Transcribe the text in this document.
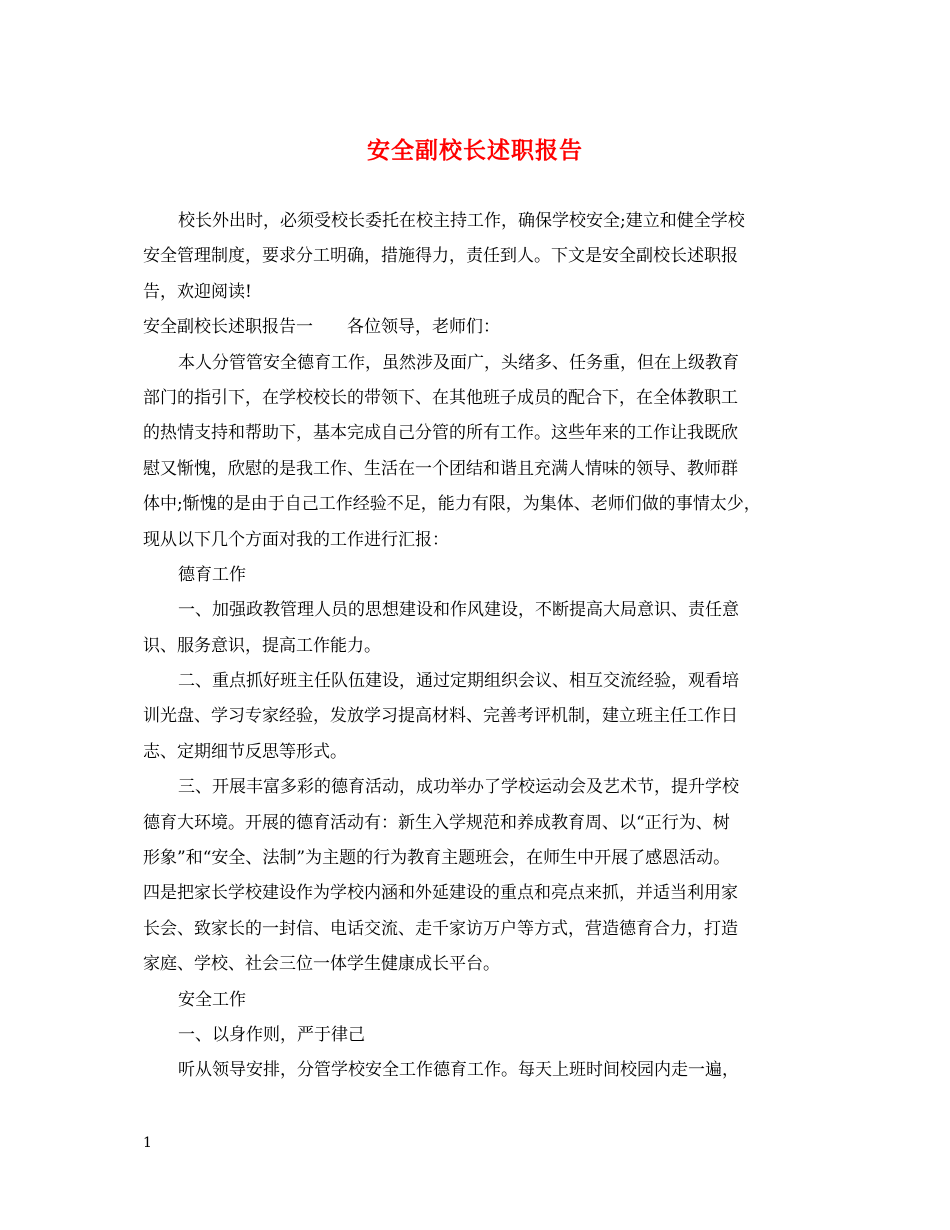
安全副校长述职报告
校长外出时，必须受校长委托在校主持工作，确保学校安全;建立和健全学校
安全管理制度，要求分工明确，措施得力，责任到人。下文是安全副校长述职报
告，欢迎阅读!
安全副校长述职报告一　　各位领导，老师们：
本人分管管安全德育工作，虽然涉及面广，头绪多、任务重，但在上级教育
部门的指引下，在学校校长的带领下、在其他班子成员的配合下，在全体教职工
的热情支持和帮助下，基本完成自己分管的所有工作。这些年来的工作让我既欣
慰又惭愧，欣慰的是我工作、生活在一个团结和谐且充满人情味的领导、教师群
体中;惭愧的是由于自己工作经验不足，能力有限，为集体、老师们做的事情太少，
现从以下几个方面对我的工作进行汇报：
德育工作
一、加强政教管理人员的思想建设和作风建设，不断提高大局意识、责任意
识、服务意识，提高工作能力。
二、重点抓好班主任队伍建设，通过定期组织会议、相互交流经验，观看培
训光盘、学习专家经验，发放学习提高材料、完善考评机制，建立班主任工作日
志、定期细节反思等形式。
三、开展丰富多彩的德育活动，成功举办了学校运动会及艺术节，提升学校
德育大环境。开展的德育活动有：新生入学规范和养成教育周、以“正行为、树
形象”和“安全、法制”为主题的行为教育主题班会，在师生中开展了感恩活动。
四是把家长学校建设作为学校内涵和外延建设的重点和亮点来抓，并适当利用家
长会、致家长的一封信、电话交流、走千家访万户等方式，营造德育合力，打造
家庭、学校、社会三位一体学生健康成长平台。
安全工作
一、以身作则，严于律己
听从领导安排，分管学校安全工作德育工作。每天上班时间校园内走一遍，
1
